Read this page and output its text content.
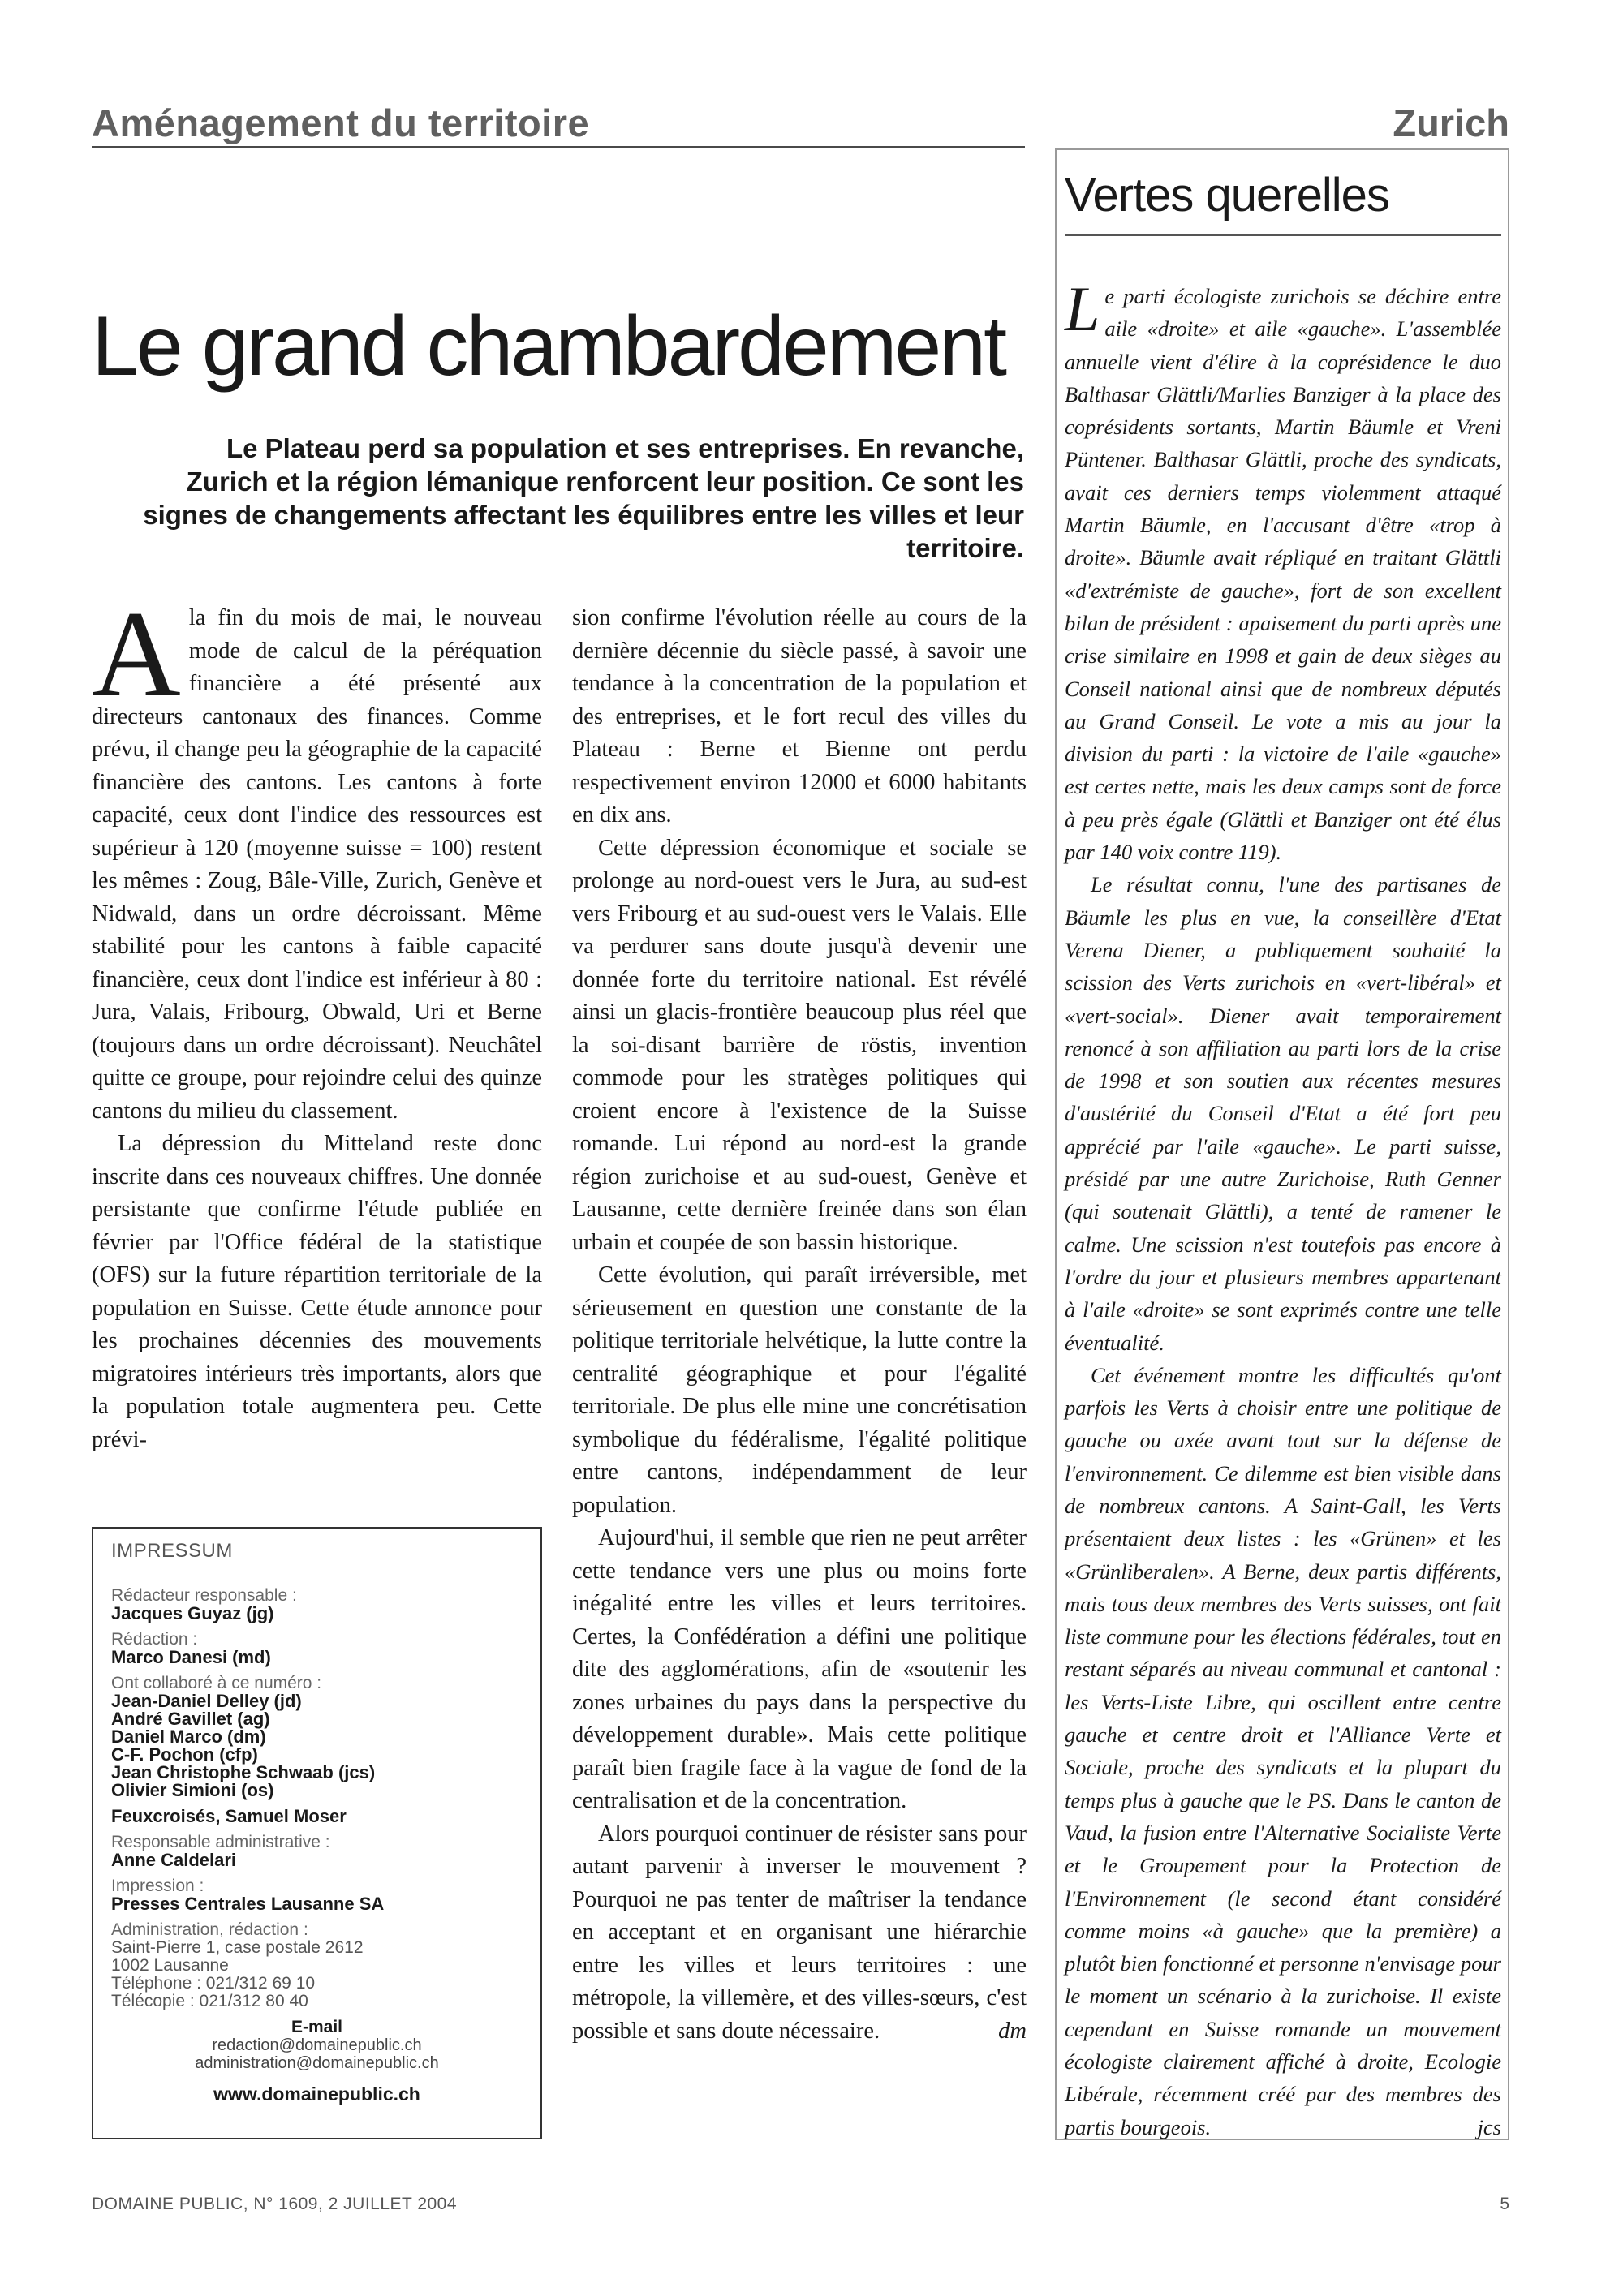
Aménagement du territoire
Le grand chambardement
Le Plateau perd sa population et ses entreprises. En revanche, Zurich et la région lémanique renforcent leur position. Ce sont les signes de changements affectant les équilibres entre les villes et leur territoire.

A la fin du mois de mai, le nouveau mode de calcul de la péréquation financière a été présenté aux directeurs cantonaux des finances. Comme prévu, il change peu la géographie de la capacité financière des cantons. Les cantons à forte capacité, ceux dont l'indice des ressources est supérieur à 120 (moyenne suisse = 100) restent les mêmes : Zoug, Bâle-Ville, Zurich, Genève et Nidwald, dans un ordre décroissant. Même stabilité pour les cantons à faible capacité financière, ceux dont l'indice est inférieur à 80 : Jura, Valais, Fribourg, Obwald, Uri et Berne (toujours dans un ordre décroissant). Neuchâtel quitte ce groupe, pour rejoindre celui des quinze cantons du milieu du classement.

La dépression du Mitteland reste donc inscrite dans ces nouveaux chiffres. Une donnée persistante que confirme l'étude publiée en février par l'Office fédéral de la statistique (OFS) sur la future répartition territoriale de la population en Suisse. Cette étude annonce pour les prochaines décennies des mouvements migratoires intérieurs très importants, alors que la population totale augmentera peu. Cette prévi-

sion confirme l'évolution réelle au cours de la dernière décennie du siècle passé, à savoir une tendance à la concentration de la population et des entreprises, et le fort recul des villes du Plateau : Berne et Bienne ont perdu respectivement environ 12000 et 6000 habitants en dix ans.

Cette dépression économique et sociale se prolonge au nord-ouest vers le Jura, au sud-est vers Fribourg et au sud-ouest vers le Valais. Elle va perdurer sans doute jusqu'à devenir une donnée forte du territoire national. Est révélé ainsi un glacis-frontière beaucoup plus réel que la soi-disant barrière de röstis, invention commode pour les stratèges politiques qui croient encore à l'existence de la Suisse romande. Lui répond au nord-est la grande région zurichoise et au sud-ouest, Genève et Lausanne, cette dernière freinée dans son élan urbain et coupée de son bassin historique.

Cette évolution, qui paraît irréversible, met sérieusement en question une constante de la politique territoriale helvétique, la lutte contre la centralité géographique et pour l'égalité territoriale. De plus elle mine une concrétisation symbolique du fédéralisme, l'égalité politique entre cantons, indépendamment de leur population.

Aujourd'hui, il semble que rien ne peut arrêter cette tendance vers une plus ou moins forte inégalité entre les villes et leurs territoires. Certes, la Confédération a défini une politique dite des agglomérations, afin de «soutenir les zones urbaines du pays dans la perspective du développement durable». Mais cette politique paraît bien fragile face à la vague de fond de la centralisation et de la concentration.

Alors pourquoi continuer de résister sans pour autant parvenir à inverser le mouvement ? Pourquoi ne pas tenter de maîtriser la tendance en acceptant et en organisant une hiérarchie entre les villes et leurs territoires : une métropole, la villemère, et des villes-sœurs, c'est possible et sans doute nécessaire.	dm

IMPRESSUM
Rédacteur responsable :
Jacques Guyaz (jg)
Rédaction :
Marco Danesi (md)
Ont collaboré à ce numéro :
Jean-Daniel Delley (jd)
André Gavillet (ag)
Daniel Marco (dm)
C-F. Pochon (cfp)
Jean Christophe Schwaab (jcs)
Olivier Simioni (os)
Feuxcroisés, Samuel Moser
Responsable administrative :
Anne Caldelari
Impression :
Presses Centrales Lausanne SA
Administration, rédaction :
Saint-Pierre 1, case postale 2612
1002 Lausanne
Téléphone : 021/312 69 10
Télécopie : 021/312 80 40
E-mail
redaction@domainepublic.ch
administration@domainepublic.ch
www.domainepublic.ch
Zurich
Vertes querelles

Le parti écologiste zurichois se déchire entre aile «droite» et aile «gauche». L'assemblée annuelle vient d'élire à la coprésidence le duo Balthasar Glättli/Marlies Banziger à la place des coprésidents sortants, Martin Bäumle et Vreni Püntener. Balthasar Glättli, proche des syndicats, avait ces derniers temps violemment attaqué Martin Bäumle, en l'accusant d'être «trop à droite». Bäumle avait répliqué en traitant Glättli «d'extrémiste de gauche», fort de son excellent bilan de président : apaisement du parti après une crise similaire en 1998 et gain de deux sièges au Conseil national ainsi que de nombreux députés au Grand Conseil. Le vote a mis au jour la division du parti : la victoire de l'aile «gauche» est certes nette, mais les deux camps sont de force à peu près égale (Glättli et Banziger ont été élus par 140 voix contre 119).

Le résultat connu, l'une des partisanes de Bäumle les plus en vue, la conseillère d'Etat Verena Diener, a publiquement souhaité la scission des Verts zurichois en «vert-libéral» et «vert-social». Diener avait temporairement renoncé à son affiliation au parti lors de la crise de 1998 et son soutien aux récentes mesures d'austérité du Conseil d'Etat a été fort peu apprécié par l'aile «gauche». Le parti suisse, présidé par une autre Zurichoise, Ruth Genner (qui soutenait Glättli), a tenté de ramener le calme. Une scission n'est toutefois pas encore à l'ordre du jour et plusieurs membres appartenant à l'aile «droite» se sont exprimés contre une telle éventualité.

Cet événement montre les difficultés qu'ont parfois les Verts à choisir entre une politique de gauche ou axée avant tout sur la défense de l'environnement. Ce dilemme est bien visible dans de nombreux cantons. A Saint-Gall, les Verts présentaient deux listes : les «Grünen» et les «Grünliberalen». A Berne, deux partis différents, mais tous deux membres des Verts suisses, ont fait liste commune pour les élections fédérales, tout en restant séparés au niveau communal et cantonal : les Verts-Liste Libre, qui oscillent entre centre gauche et centre droit et l'Alliance Verte et Sociale, proche des syndicats et la plupart du temps plus à gauche que le PS. Dans le canton de Vaud, la fusion entre l'Alternative Socialiste Verte et le Groupement pour la Protection de l'Environnement (le second étant considéré comme moins «à gauche» que la première) a plutôt bien fonctionné et personne n'envisage pour le moment un scénario à la zurichoise. Il existe cependant en Suisse romande un mouvement écologiste clairement affiché à droite, Ecologie Libérale, récemment créé par des membres des partis bourgeois.	jcs

DOMAINE PUBLIC, N° 1609, 2 JUILLET 2004	5
